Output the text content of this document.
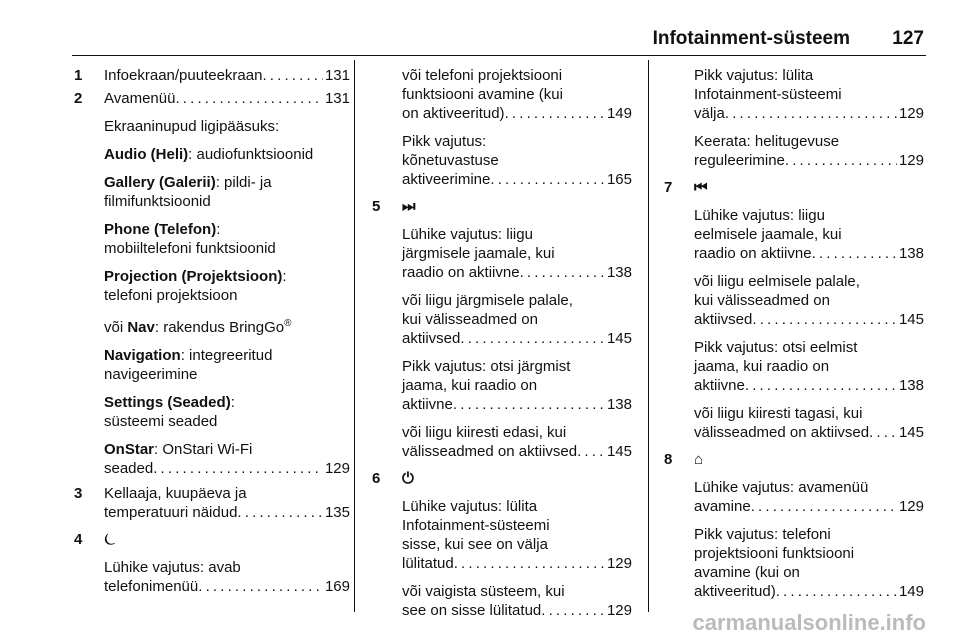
Infotainment-süsteem 127
1 Infoekraan/puuteekraan . . .	131
2 Avamenüü . . .	131
Ekraaninupud ligipääsuks:
Audio (Heli): audiofunktsioonid
Gallery (Galerii): pildi- ja
filmifunktsioonid
Phone (Telefon):
mobiiltelefoni funktsioonid
Projection (Projektsioon):
telefoni projektsioon
või Nav: rakendus BringGo®
Navigation: integreeritud
navigeerimine
Settings (Seaded):
süsteemi seaded
OnStar: OnStari Wi-Fi
seaded . . .	129
3 Kellaaja, kuupäeva ja
temperatuuri näidud . . .	135
4 ⏾
Lühike vajutus: avab
telefonimenüü . . .	169
või telefoni projektsiooni
funktsiooni avamine (kui
on aktiveeritud) . . .	149
Pikk vajutus:
kõnetuvastuse
aktiveerimine . . .	165
5 ⏭
Lühike vajutus: liigu
järgmisele jaamale, kui
raadio on aktiivne . . .	138
või liigu järgmisele palale,
kui välisseadmed on
aktiivsed . . .	145
Pikk vajutus: otsi järgmist
jaama, kui raadio on
aktiivne . . .	138
või liigu kiiresti edasi, kui
välisseadmed on aktiivsed . . . 145
6 ⏻
Lühike vajutus: lülita
Infotainment-süsteemi
sisse, kui see on välja
lülitatud . . .	129
või vaigista süsteem, kui
see on sisse lülitatud . . .	129
Pikk vajutus: lülita
Infotainment-süsteemi
välja . . .	129
Keerata: helitugevuse
reguleerimine . . .	129
7 ⏮
Lühike vajutus: liigu
eelmisele jaamale, kui
raadio on aktiivne . . .	138
või liigu eelmisele palale,
kui välisseadmed on
aktiivsed . . .	145
Pikk vajutus: otsi eelmist
jaama, kui raadio on
aktiivne . . .	138
või liigu kiiresti tagasi, kui
välisseadmed on aktiivsed . . . 145
8 ⌂
Lühike vajutus: avamenüü
avamine . . .	129
Pikk vajutus: telefoni
projektsiooni funktsiooni
avamine (kui on
aktiveeritud) . . .	149
carmanualsonline.info
